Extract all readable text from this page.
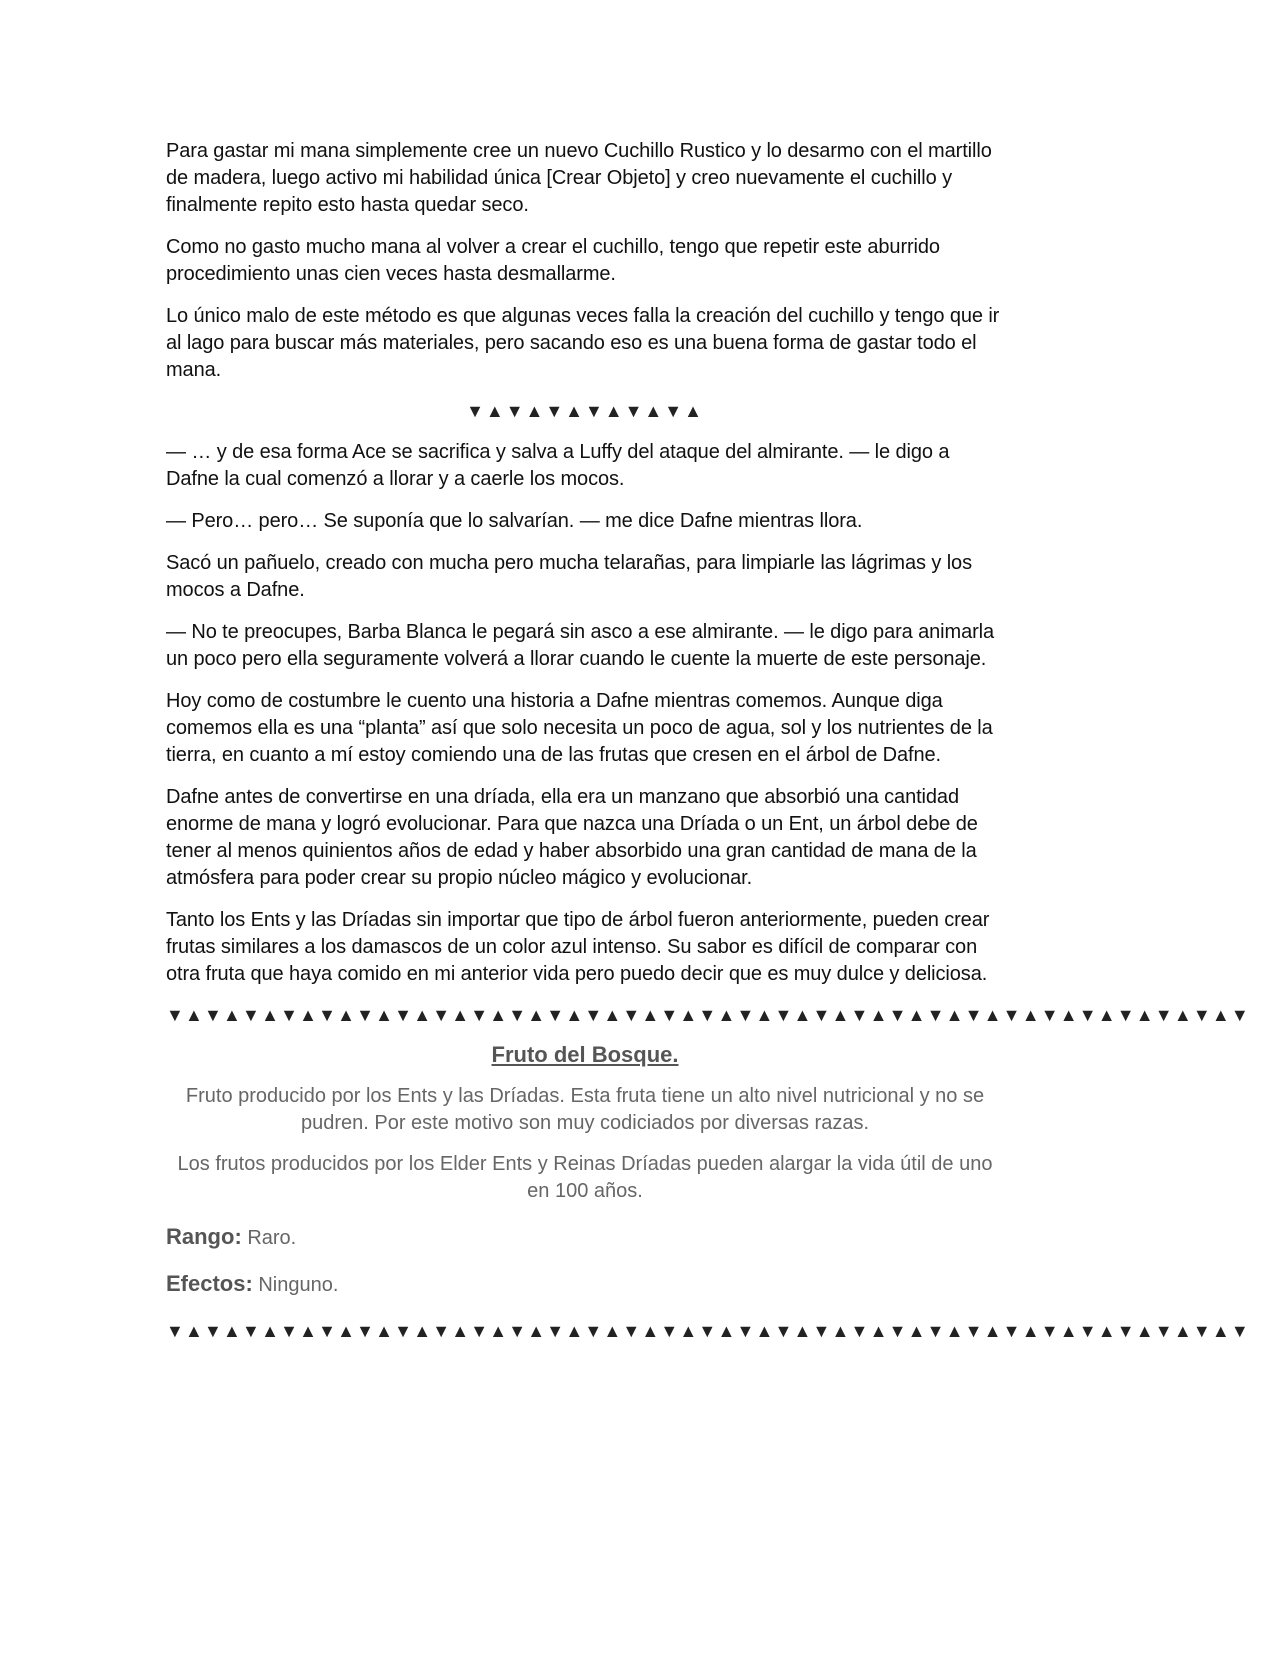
Para gastar mi mana simplemente cree un nuevo Cuchillo Rustico y lo desarmo con el martillo de madera, luego activo mi habilidad única [Crear Objeto] y creo nuevamente el cuchillo y finalmente repito esto hasta quedar seco.

Como no gasto mucho mana al volver a crear el cuchillo, tengo que repetir este aburrido procedimiento unas cien veces hasta desmallarme.

Lo único malo de este método es que algunas veces falla la creación del cuchillo y tengo que ir al lago para buscar más materiales, pero sacando eso es una buena forma de gastar todo el mana.

▼▲▼▲▼▲▼▲▼▲▼▲

— … y de esa forma Ace se sacrifica y salva a Luffy del ataque del almirante. — le digo a Dafne la cual comenzó a llorar y a caerle los mocos.

— Pero… pero… Se suponía que lo salvarían. — me dice Dafne mientras llora.

Sacó un pañuelo, creado con mucha pero mucha telarañas, para limpiarle las lágrimas y los mocos a Dafne.

— No te preocupes, Barba Blanca le pegará sin asco a ese almirante. — le digo para animarla un poco pero ella seguramente volverá a llorar cuando le cuente la muerte de este personaje.

Hoy como de costumbre le cuento una historia a Dafne mientras comemos. Aunque diga comemos ella es una “planta” así que solo necesita un poco de agua, sol y los nutrientes de la tierra, en cuanto a mí estoy comiendo una de las frutas que cresen en el árbol de Dafne.

Dafne antes de convertirse en una dríada, ella era un manzano que absorbió una cantidad enorme de mana y logró evolucionar. Para que nazca una Dríada o un Ent, un árbol debe de tener al menos quinientos años de edad y haber absorbido una gran cantidad de mana de la atmósfera para poder crear su propio núcleo mágico y evolucionar.

Tanto los Ents y las Dríadas sin importar que tipo de árbol fueron anteriormente, pueden crear frutas similares a los damascos de un color azul intenso. Su sabor es difícil de comparar con otra fruta que haya comido en mi anterior vida pero puedo decir que es muy dulce y deliciosa.

▼▲▼▲▼▲▼▲▼▲▼▲▼▲▼▲▼▲▼▲▼▲▼▲▼▲▼▲▼▲▼▲▼▲▼▲▼▲▼▲▼▲▼▲▼▲▼▲▼▲▼▲▼▲▼▲▼
Fruto del Bosque.

Fruto producido por los Ents y las Dríadas. Esta fruta tiene un alto nivel nutricional y no se pudren. Por este motivo son muy codiciados por diversas razas.

Los frutos producidos por los Elder Ents y Reinas Dríadas pueden alargar la vida útil de uno en 100 años.

Rango: Raro.
Efectos: Ninguno.
▼▲▼▲▼▲▼▲▼▲▼▲▼▲▼▲▼▲▼▲▼▲▼▲▼▲▼▲▼▲▼▲▼▲▼▲▼▲▼▲▼▲▼▲▼▲▼▲▼▲▼▲▼▲▼▲▼
